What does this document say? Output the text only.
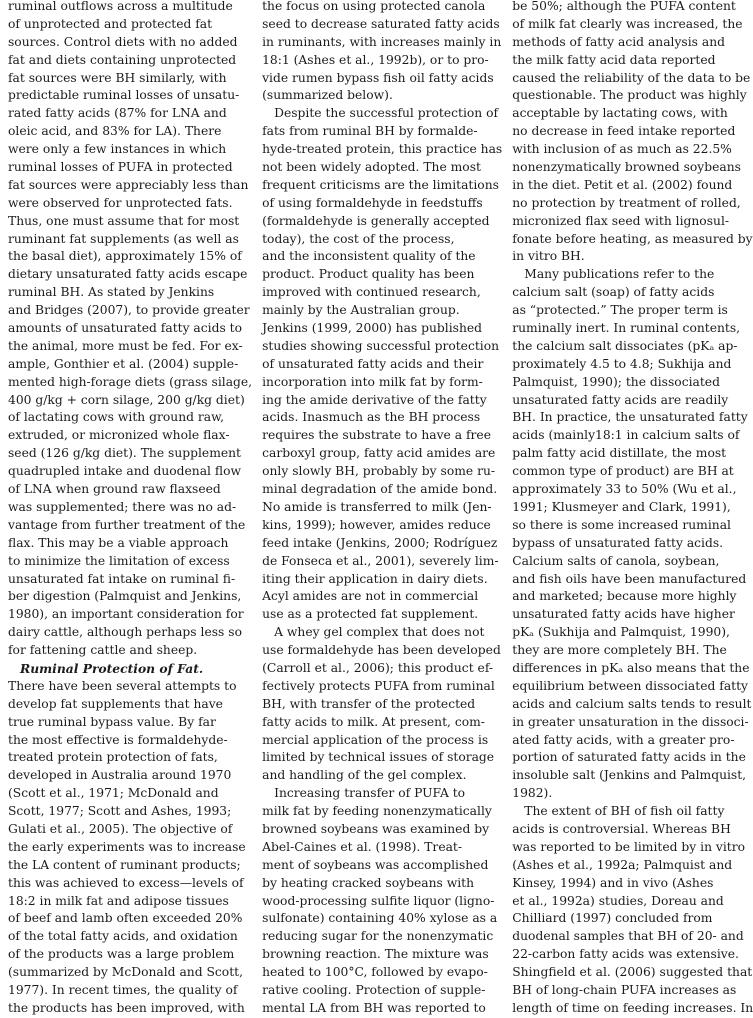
ruminal outflows across a multitude
of unprotected and protected fat
sources. Control diets with no added
fat and diets containing unprotected
fat sources were BH similarly, with
predictable ruminal losses of unsatu-
rated fatty acids (87% for LNA and
oleic acid, and 83% for LA). There
were only a few instances in which
ruminal losses of PUFA in protected
fat sources were appreciably less than
were observed for unprotected fats.
Thus, one must assume that for most
ruminant fat supplements (as well as
the basal diet), approximately 15% of
dietary unsaturated fatty acids escape
ruminal BH. As stated by Jenkins
and Bridges (2007), to provide greater
amounts of unsaturated fatty acids to
the animal, more must be fed. For ex-
ample, Gonthier et al. (2004) supple-
mented high-forage diets (grass silage,
400 g/kg + corn silage, 200 g/kg diet)
of lactating cows with ground raw,
extruded, or micronized whole flax-
seed (126 g/kg diet). The supplement
quadrupled intake and duodenal flow
of LNA when ground raw flaxseed
was supplemented; there was no ad-
vantage from further treatment of the
flax. This may be a viable approach
to minimize the limitation of excess
unsaturated fat intake on ruminal fi-
ber digestion (Palmquist and Jenkins,
1980), an important consideration for
dairy cattle, although perhaps less so
for fattening cattle and sheep.
Ruminal Protection of Fat.
There have been several attempts to
develop fat supplements that have
true ruminal bypass value. By far
the most effective is formaldehyde-
treated protein protection of fats,
developed in Australia around 1970
(Scott et al., 1971; McDonald and
Scott, 1977; Scott and Ashes, 1993;
Gulati et al., 2005). The objective of
the early experiments was to increase
the LA content of ruminant products;
this was achieved to excess—levels of
18:2 in milk fat and adipose tissues
of beef and lamb often exceeded 20%
of the total fatty acids, and oxidation
of the products was a large problem
(summarized by McDonald and Scott,
1977). In recent times, the quality of
the products has been improved, with
the focus on using protected canola
seed to decrease saturated fatty acids
in ruminants, with increases mainly in
18:1 (Ashes et al., 1992b), or to pro-
vide rumen bypass fish oil fatty acids
(summarized below).
Despite the successful protection of
fats from ruminal BH by formalde-
hyde-treated protein, this practice has
not been widely adopted. The most
frequent criticisms are the limitations
of using formaldehyde in feedstuffs
(formaldehyde is generally accepted
today), the cost of the process,
and the inconsistent quality of the
product. Product quality has been
improved with continued research,
mainly by the Australian group.
Jenkins (1999, 2000) has published
studies showing successful protection
of unsaturated fatty acids and their
incorporation into milk fat by form-
ing the amide derivative of the fatty
acids. Inasmuch as the BH process
requires the substrate to have a free
carboxyl group, fatty acid amides are
only slowly BH, probably by some ru-
minal degradation of the amide bond.
No amide is transferred to milk (Jen-
kins, 1999); however, amides reduce
feed intake (Jenkins, 2000; Rodríguez
de Fonseca et al., 2001), severely lim-
iting their application in dairy diets.
Acyl amides are not in commercial
use as a protected fat supplement.
A whey gel complex that does not
use formaldehyde has been developed
(Carroll et al., 2006); this product ef-
fectively protects PUFA from ruminal
BH, with transfer of the protected
fatty acids to milk. At present, com-
mercial application of the process is
limited by technical issues of storage
and handling of the gel complex.
Increasing transfer of PUFA to
milk fat by feeding nonenzymatically
browned soybeans was examined by
Abel-Caines et al. (1998). Treat-
ment of soybeans was accomplished
by heating cracked soybeans with
wood-processing sulfite liquor (ligno-
sulfonate) containing 40% xylose as a
reducing sugar for the nonenzymatic
browning reaction. The mixture was
heated to 100°C, followed by evapo-
rative cooling. Protection of supple-
mental LA from BH was reported to
be 50%; although the PUFA content
of milk fat clearly was increased, the
methods of fatty acid analysis and
the milk fatty acid data reported
caused the reliability of the data to be
questionable. The product was highly
acceptable by lactating cows, with
no decrease in feed intake reported
with inclusion of as much as 22.5%
nonenzymatically browned soybeans
in the diet. Petit et al. (2002) found
no protection by treatment of rolled,
micronized flax seed with lignosul-
fonate before heating, as measured by
in vitro BH.
Many publications refer to the
calcium salt (soap) of fatty acids
as “protected.” The proper term is
ruminally inert. In ruminal contents,
the calcium salt dissociates (pKₐ ap-
proximately 4.5 to 4.8; Sukhija and
Palmquist, 1990); the dissociated
unsaturated fatty acids are readily
BH. In practice, the unsaturated fatty
acids (mainly18:1 in calcium salts of
palm fatty acid distillate, the most
common type of product) are BH at
approximately 33 to 50% (Wu et al.,
1991; Klusmeyer and Clark, 1991),
so there is some increased ruminal
bypass of unsaturated fatty acids.
Calcium salts of canola, soybean,
and fish oils have been manufactured
and marketed; because more highly
unsaturated fatty acids have higher
pKₐ (Sukhija and Palmquist, 1990),
they are more completely BH. The
differences in pKₐ also means that the
equilibrium between dissociated fatty
acids and calcium salts tends to result
in greater unsaturation in the dissoci-
ated fatty acids, with a greater pro-
portion of saturated fatty acids in the
insoluble salt (Jenkins and Palmquist,
1982).
The extent of BH of fish oil fatty
acids is controversial. Whereas BH
was reported to be limited by in vitro
(Ashes et al., 1992a; Palmquist and
Kinsey, 1994) and in vivo (Ashes
et al., 1992a) studies, Doreau and
Chilliard (1997) concluded from
duodenal samples that BH of 20- and
22-carbon fatty acids was extensive.
Shingfield et al. (2006) suggested that
BH of long-chain PUFA increases as
length of time on feeding increases. In
